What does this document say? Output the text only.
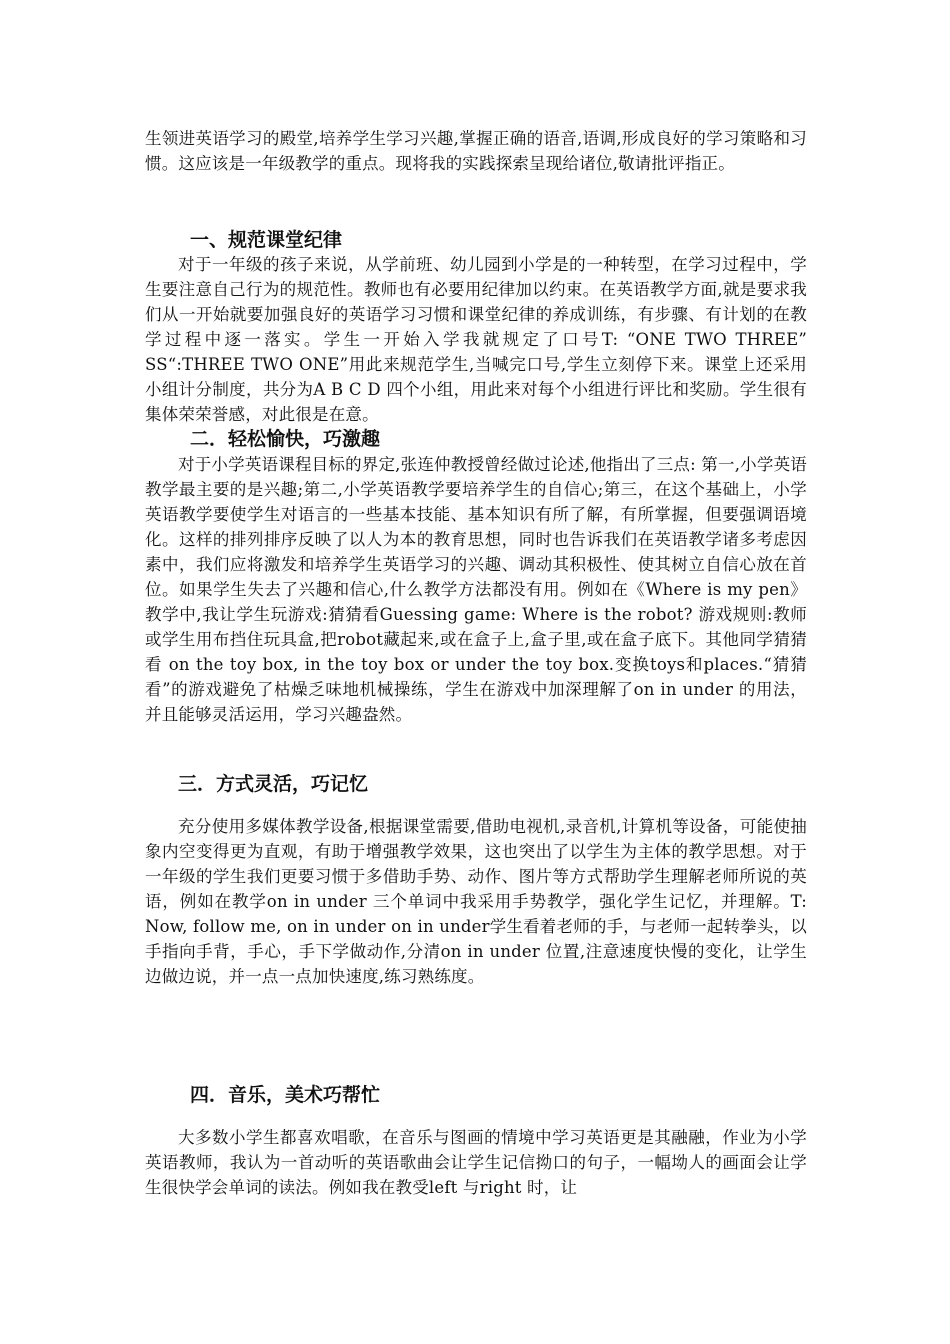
生领进英语学习的殿堂,培养学生学习兴趣,掌握正确的语音,语调,形成良好的学习策略和习惯。这应该是一年级教学的重点。现将我的实践探索呈现给诸位,敬请批评指正。

一、规范课堂纪律

对于一年级的孩子来说，从学前班、幼儿园到小学是的一种转型，在学习过程中，学生要注意自己行为的规范性。教师也有必要用纪律加以约束。在英语教学方面,就是要求我们从一开始就要加强良好的英语学习习惯和课堂纪律的养成训练，有步骤、有计划的在教学过程中逐一落实。学生一开始入学我就规定了口号T: “ONE TWO THREE” SS“:THREE TWO ONE”用此来规范学生,当喊完口号,学生立刻停下来。课堂上还采用小组计分制度，共分为A B C D 四个小组，用此来对每个小组进行评比和奖励。学生很有集体荣荣誉感，对此很是在意。

二．轻松愉快，巧激趣

对于小学英语课程目标的界定,张连仲教授曾经做过论述,他指出了三点: 第一,小学英语教学最主要的是兴趣;第二,小学英语教学要培养学生的自信心;第三，在这个基础上，小学英语教学要使学生对语言的一些基本技能、基本知识有所了解，有所掌握，但要强调语境化。这样的排列排序反映了以人为本的教育思想，同时也告诉我们在英语教学诸多考虑因素中，我们应将激发和培养学生英语学习的兴趣、调动其积极性、使其树立自信心放在首位。如果学生失去了兴趣和信心,什么教学方法都没有用。例如在《Where is my pen》教学中,我让学生玩游戏:猜猜看Guessing game: Where is the robot? 游戏规则:教师或学生用布挡住玩具盒,把robot藏起来,或在盒子上,盒子里,或在盒子底下。其他同学猜猜看 on the toy box, in the toy box or under the toy box.变换toys和places.“猜猜看”的游戏避免了枯燥乏味地机械操练，学生在游戏中加深理解了on in under 的用法，并且能够灵活运用，学习兴趣盎然。

三．方式灵活，巧记忆

充分使用多媒体教学设备,根据课堂需要,借助电视机,录音机,计算机等设备，可能使抽象内空变得更为直观，有助于增强教学效果，这也突出了以学生为主体的教学思想。对于一年级的学生我们更要习惯于多借助手势、动作、图片等方式帮助学生理解老师所说的英语，例如在教学on in under 三个单词中我采用手势教学，强化学生记忆，并理解。T: Now, follow me, on in under on in under学生看着老师的手，与老师一起转拳头，以手指向手背，手心，手下学做动作,分清on in under 位置,注意速度快慢的变化，让学生边做边说，并一点一点加快速度,练习熟练度。

四．音乐，美术巧帮忙

大多数小学生都喜欢唱歌，在音乐与图画的情境中学习英语更是其融融，作业为小学英语教师，我认为一首动听的英语歌曲会让学生记信拗口的句子，一幅坳人的画面会让学生很快学会单词的读法。例如我在教受left 与right 时，让
